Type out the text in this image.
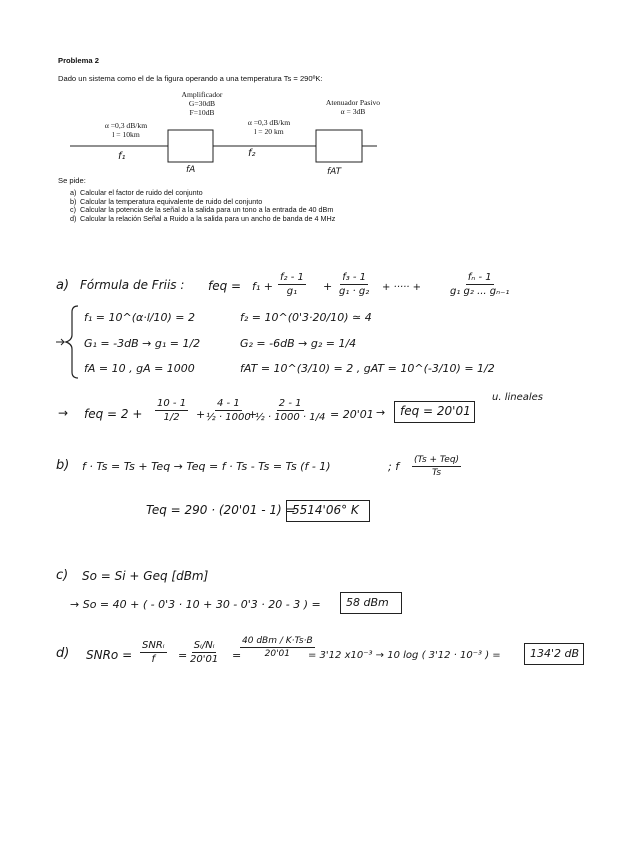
Problema 2
Dado un sistema como el de la figura operando a una temperatura Ts = 290ºK:
Amplificador
G=30dB
F=10dB
α =0,3 dB/km
l = 10km
α =0,3 dB/km
l = 20 km
Atenuador Pasivo
α = 3dB
f₁
fA
f₂
fAT
Se pide:
a) Calcular el factor de ruido del conjunto
b) Calcular la temperatura equivalente de ruido del conjunto
c) Calcular la potencia de la señal a la salida para un tono a la entrada de 40 dBm
d) Calcular la relación Señal a Ruido a la salida para un ancho de banda de 4 MHz
a) Fórmula de Friis : feq = $f_1 + \frac{\text{f₂ - 1}}{\text{g₁}} + \frac{\text{f₃ - 1}}{\text{g₁ · g₂}}$ + ····· +	$\frac{\text{fₙ - 1}}{\text{g₁ g₂ ... gₙ₋₁}}$
f₁ = 10^(α·l/10) = 2	f₂ = 10^(0'3·20/10) ≃ 4
G₁ = -3dB → g₁ = 1/2	G₂ = -6dB → g₂ = 1/4
fA = 10 , gA = 1000	fAT = 10^(3/10) = 2 , gAT = 10^(-3/10) = 1/2
→ feq = $2 + \frac{10 - 1}{1/2}$ +
$\frac{4 - 1}{\text{½ · 1000}}$
+
$\frac{2 - 1}{\text{½ · 1000 · 1/4}} = 20'01$ → feq = 20'01
u. lineales
b) f · Ts = Ts + Teq → Teq = f · Ts - Ts = Ts (f - 1)	; f (Ts + Teq)
Ts
Teq = 290 · (20'01 - 1) =
5514'06° K
c) So = Si + Geq [dBm]
→ So = 40 + ( - 0'3 · 10 + 30 - 0'3 · 20 - 3 ) = 58 dBm
d) SNRo =
SNRᵢ
$f = \frac{\text{Sᵢ/Nᵢ}}{20'01}$ =
40 dBm / K·Ts·B
20'01 = 3'12 x10⁻³ → 10 log ( 3'12 · 10⁻³ ) =	134'2 dB
